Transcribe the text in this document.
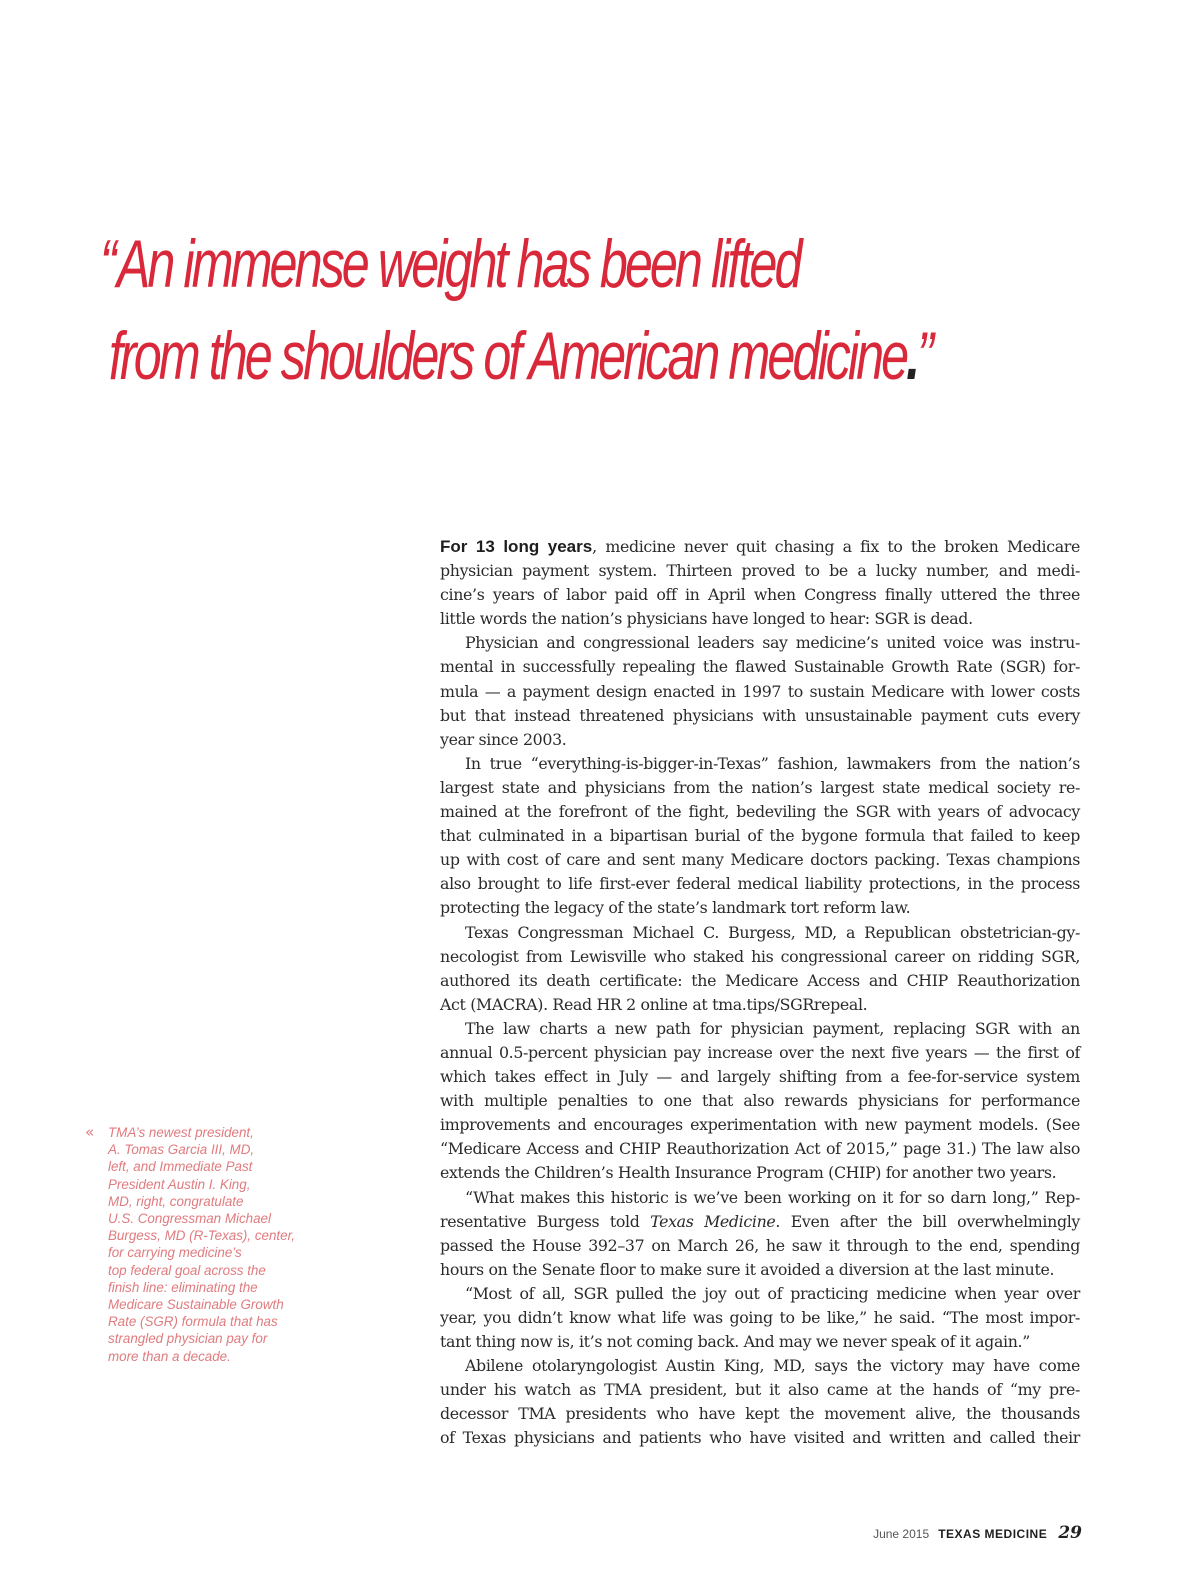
“An immense weight has been lifted
from the shoulders of American medicine.”
« TMA’s newest president,
A. Tomas Garcia III, MD,
left, and Immediate Past
President Austin I. King,
MD, right, congratulate
U.S. Congressman Michael
Burgess, MD (R-Texas), center,
for carrying medicine’s
top federal goal across the
finish line: eliminating the
Medicare Sustainable Growth
Rate (SGR) formula that has
strangled physician pay for
more than a decade.
For 13 long years, medicine never quit chasing a fix to the broken Medicare
physician payment system. Thirteen proved to be a lucky number, and medi-
cine’s years of labor paid off in April when Congress finally uttered the three
little words the nation’s physicians have longed to hear: SGR is dead.
Physician and congressional leaders say medicine’s united voice was instru-
mental in successfully repealing the flawed Sustainable Growth Rate (SGR) for-
mula — a payment design enacted in 1997 to sustain Medicare with lower costs
but that instead threatened physicians with unsustainable payment cuts every
year since 2003.
In true “everything-is-bigger-in-Texas” fashion, lawmakers from the nation’s
largest state and physicians from the nation’s largest state medical society re-
mained at the forefront of the fight, bedeviling the SGR with years of advocacy
that culminated in a bipartisan burial of the bygone formula that failed to keep
up with cost of care and sent many Medicare doctors packing. Texas champions
also brought to life first-ever federal medical liability protections, in the process
protecting the legacy of the state’s landmark tort reform law.
Texas Congressman Michael C. Burgess, MD, a Republican obstetrician-gy-
necologist from Lewisville who staked his congressional career on ridding SGR,
authored its death certificate: the Medicare Access and CHIP Reauthorization
Act (MACRA). Read HR 2 online at tma.tips/SGRrepeal.
The law charts a new path for physician payment, replacing SGR with an
annual 0.5-percent physician pay increase over the next five years — the first of
which takes effect in July — and largely shifting from a fee-for-service system
with multiple penalties to one that also rewards physicians for performance
improvements and encourages experimentation with new payment models. (See
“Medicare Access and CHIP Reauthorization Act of 2015,” page 31.) The law also
extends the Children’s Health Insurance Program (CHIP) for another two years.
“What makes this historic is we’ve been working on it for so darn long,” Rep-
resentative Burgess told Texas Medicine. Even after the bill overwhelmingly
passed the House 392–37 on March 26, he saw it through to the end, spending
hours on the Senate floor to make sure it avoided a diversion at the last minute.
“Most of all, SGR pulled the joy out of practicing medicine when year over
year, you didn’t know what life was going to be like,” he said. “The most impor-
tant thing now is, it’s not coming back. And may we never speak of it again.”
Abilene otolaryngologist Austin King, MD, says the victory may have come
under his watch as TMA president, but it also came at the hands of “my pre-
decessor TMA presidents who have kept the movement alive, the thousands
of Texas physicians and patients who have visited and written and called their
June 2015 TEXAS MEDICINE 29
